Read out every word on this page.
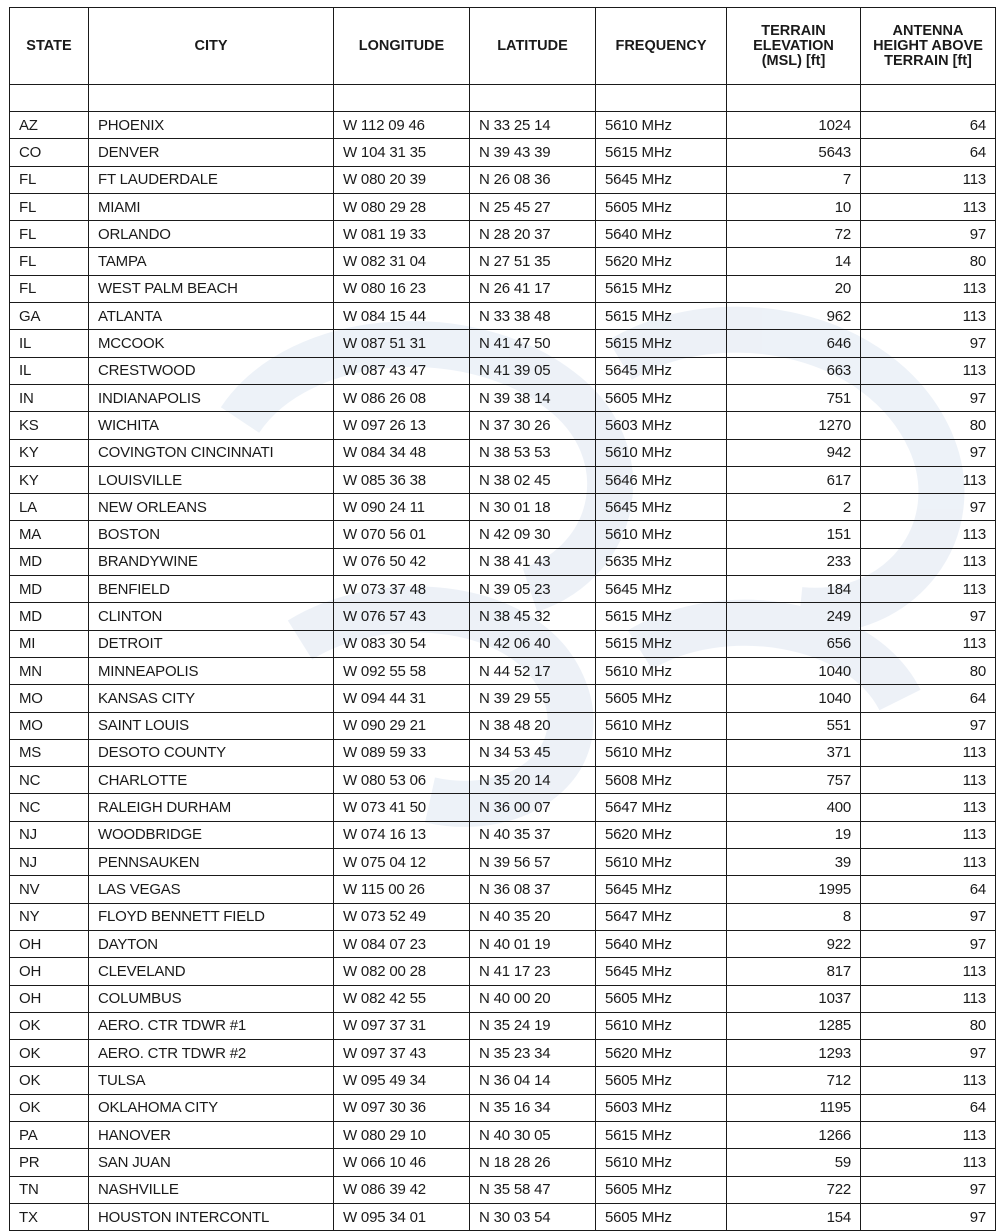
STATE	CITY	LONGITUDE	LATITUDE	FREQUENCY	TERRAIN ELEVATION (MSL) [ft]	ANTENNA HEIGHT ABOVE TERRAIN [ft]

AZ	PHOENIX	W 112 09 46	N 33 25 14	5610 MHz	1024	64
CO	DENVER	W 104 31 35	N 39 43 39	5615 MHz	5643	64
FL	FT LAUDERDALE	W 080 20 39	N 26 08 36	5645 MHz	7	113
FL	MIAMI	W 080 29 28	N 25 45 27	5605 MHz	10	113
FL	ORLANDO	W 081 19 33	N 28 20 37	5640 MHz	72	97
FL	TAMPA	W 082 31 04	N 27 51 35	5620 MHz	14	80
FL	WEST PALM BEACH	W 080 16 23	N 26 41 17	5615 MHz	20	113
GA	ATLANTA	W 084 15 44	N 33 38 48	5615 MHz	962	113
IL	MCCOOK	W 087 51 31	N 41 47 50	5615 MHz	646	97
IL	CRESTWOOD	W 087 43 47	N 41 39 05	5645 MHz	663	113
IN	INDIANAPOLIS	W 086 26 08	N 39 38 14	5605 MHz	751	97
KS	WICHITA	W 097 26 13	N 37 30 26	5603 MHz	1270	80
KY	COVINGTON CINCINNATI	W 084 34 48	N 38 53 53	5610 MHz	942	97
KY	LOUISVILLE	W 085 36 38	N 38 02 45	5646 MHz	617	113
LA	NEW ORLEANS	W 090 24 11	N 30 01 18	5645 MHz	2	97
MA	BOSTON	W 070 56 01	N 42 09 30	5610 MHz	151	113
MD	BRANDYWINE	W 076 50 42	N 38 41 43	5635 MHz	233	113
MD	BENFIELD	W 073 37 48	N 39 05 23	5645 MHz	184	113
MD	CLINTON	W 076 57 43	N 38 45 32	5615 MHz	249	97
MI	DETROIT	W 083 30 54	N 42 06 40	5615 MHz	656	113
MN	MINNEAPOLIS	W 092 55 58	N 44 52 17	5610 MHz	1040	80
MO	KANSAS CITY	W 094 44 31	N 39 29 55	5605 MHz	1040	64
MO	SAINT LOUIS	W 090 29 21	N 38 48 20	5610 MHz	551	97
MS	DESOTO COUNTY	W 089 59 33	N 34 53 45	5610 MHz	371	113
NC	CHARLOTTE	W 080 53 06	N 35 20 14	5608 MHz	757	113
NC	RALEIGH DURHAM	W 073 41 50	N 36 00 07	5647 MHz	400	113
NJ	WOODBRIDGE	W 074 16 13	N 40 35 37	5620 MHz	19	113
NJ	PENNSAUKEN	W 075 04 12	N 39 56 57	5610 MHz	39	113
NV	LAS VEGAS	W 115 00 26	N 36 08 37	5645 MHz	1995	64
NY	FLOYD BENNETT FIELD	W 073 52 49	N 40 35 20	5647 MHz	8	97
OH	DAYTON	W 084 07 23	N 40 01 19	5640 MHz	922	97
OH	CLEVELAND	W 082 00 28	N 41 17 23	5645 MHz	817	113
OH	COLUMBUS	W 082 42 55	N 40 00 20	5605 MHz	1037	113
OK	AERO. CTR TDWR #1	W 097 37 31	N 35 24 19	5610 MHz	1285	80
OK	AERO. CTR TDWR #2	W 097 37 43	N 35 23 34	5620 MHz	1293	97
OK	TULSA	W 095 49 34	N 36 04 14	5605 MHz	712	113
OK	OKLAHOMA CITY	W 097 30 36	N 35 16 34	5603 MHz	1195	64
PA	HANOVER	W 080 29 10	N 40 30 05	5615 MHz	1266	113
PR	SAN JUAN	W 066 10 46	N 18 28 26	5610 MHz	59	113
TN	NASHVILLE	W 086 39 42	N 35 58 47	5605 MHz	722	97
TX	HOUSTON INTERCONTL	W 095 34 01	N 30 03 54	5605 MHz	154	97
